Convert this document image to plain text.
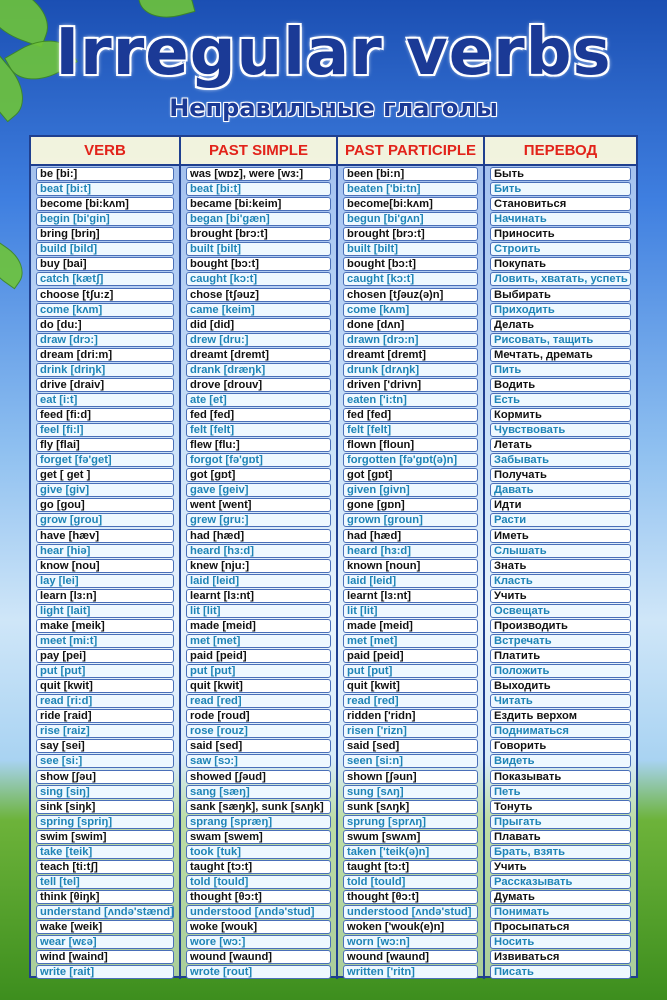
Irregular verbs
Неправильные глаголы
VERB	PAST SIMPLE	PAST PARTICIPLE	ПЕРЕВОД
be [bi:]	was [wɒz], were [wɜ:]	been [bi:n]	Быть
beat [bi:t]	beat [bi:t]	beaten ['bi:tn]	Бить
become [bi:kʌm]	became [bi:keim]	become[bi:kʌm]	Становиться
begin [bi'gin]	began [bi'gæn]	begun [bi'gʌn]	Начинать
bring [briŋ]	brought [brɔ:t]	brought [brɔ:t]	Приносить
build [bild]	built [bilt]	built [bilt]	Строить
buy [bai]	bought [bɔ:t]	bought [bɔ:t]	Покупать
catch [kætʃ]	caught [kɔ:t]	caught [kɔ:t]	Ловить, хватать, успеть
choose [tʃu:z]	chose [tʃəuz]	chosen [tʃəuz(ə)n]	Выбирать
come [kʌm]	came [keim]	come [kʌm]	Приходить
do [du:]	did [did]	done [dʌn]	Делать
draw [drɔ:]	drew [dru:]	drawn [drɔ:n]	Рисовать, тащить
dream [dri:m]	dreamt [dremt]	dreamt [dremt]	Мечтать, дремать
drink [driŋk]	drank [dræŋk]	drunk [drʌŋk]	Пить
drive [draiv]	drove [drouv]	driven ['drivn]	Водить
eat [i:t]	ate [et]	eaten ['i:tn]	Есть
feed [fi:d]	fed [fed]	fed [fed]	Кормить
feel [fi:l]	felt [felt]	felt [felt]	Чувствовать
fly [flai]	flew [flu:]	flown [floun]	Летать
forget [fə'get]	forgot [fə'gɒt]	forgotten [fə'gɒt(ə)n]	Забывать
get [ get ]	got [gɒt]	got [gɒt]	Получать
give [giv]	gave [geiv]	given [givn]	Давать
go [gou]	went [went]	gone [gɒn]	Идти
grow [grou]	grew [gru:]	grown [groun]	Расти
have [hæv]	had [hæd]	had [hæd]	Иметь
hear [hiə]	heard [hɜ:d]	heard [hɜ:d]	Слышать
know [nou]	knew [nju:]	known [noun]	Знать
lay [lei]	laid [leid]	laid [leid]	Класть
learn [lɜ:n]	learnt [lɜ:nt]	learnt [lɜ:nt]	Учить
light [lait]	lit [lit]	lit [lit]	Освещать
make [meik]	made [meid]	made [meid]	Производить
meet [mi:t]	met [met]	met [met]	Встречать
pay [pei]	paid [peid]	paid [peid]	Платить
put [put]	put [put]	put [put]	Положить
quit [kwit]	quit [kwit]	quit [kwit]	Выходить
read [ri:d]	read [red]	read [red]	Читать
ride [raid]	rode [roud]	ridden ['ridn]	Ездить верхом
rise [raiz]	rose [rouz]	risen ['rizn]	Подниматься
say [sei]	said [sed]	said [sed]	Говорить
see [si:]	saw [sɔ:]	seen [si:n]	Видеть
show [ʃəu]	showed [ʃəud]	shown [ʃəun]	Показывать
sing [siŋ]	sang [sæŋ]	sung [sʌŋ]	Петь
sink [siŋk]	sank [sæŋk], sunk [sʌŋk]	sunk [sʌŋk]	Тонуть
spring [spriŋ]	sprang [spræŋ]	sprung [sprʌŋ]	Прыгать
swim [swim]	swam [swem]	swum [swʌm]	Плавать
take [teik]	took [tuk]	taken ['teik(ə)n]	Брать, взять
teach [ti:tʃ]	taught [tɔ:t]	taught [tɔ:t]	Учить
tell [tel]	told [tould]	told [tould]	Рассказывать
think [θiŋk]	thought [θɔ:t]	thought [θɔ:t]	Думать
understand [ʌndə'stænd]	understood [ʌndə'stud]	understood [ʌndə'stud]	Понимать
wake [weik]	woke [wouk]	woken ['wouk(e)n]	Просыпаться
wear [wɛə]	wore [wɔ:]	worn [wɔ:n]	Носить
wind [waind]	wound [waund]	wound [waund]	Извиваться
write [rait]	wrote [rout]	written ['ritn]	Писать
